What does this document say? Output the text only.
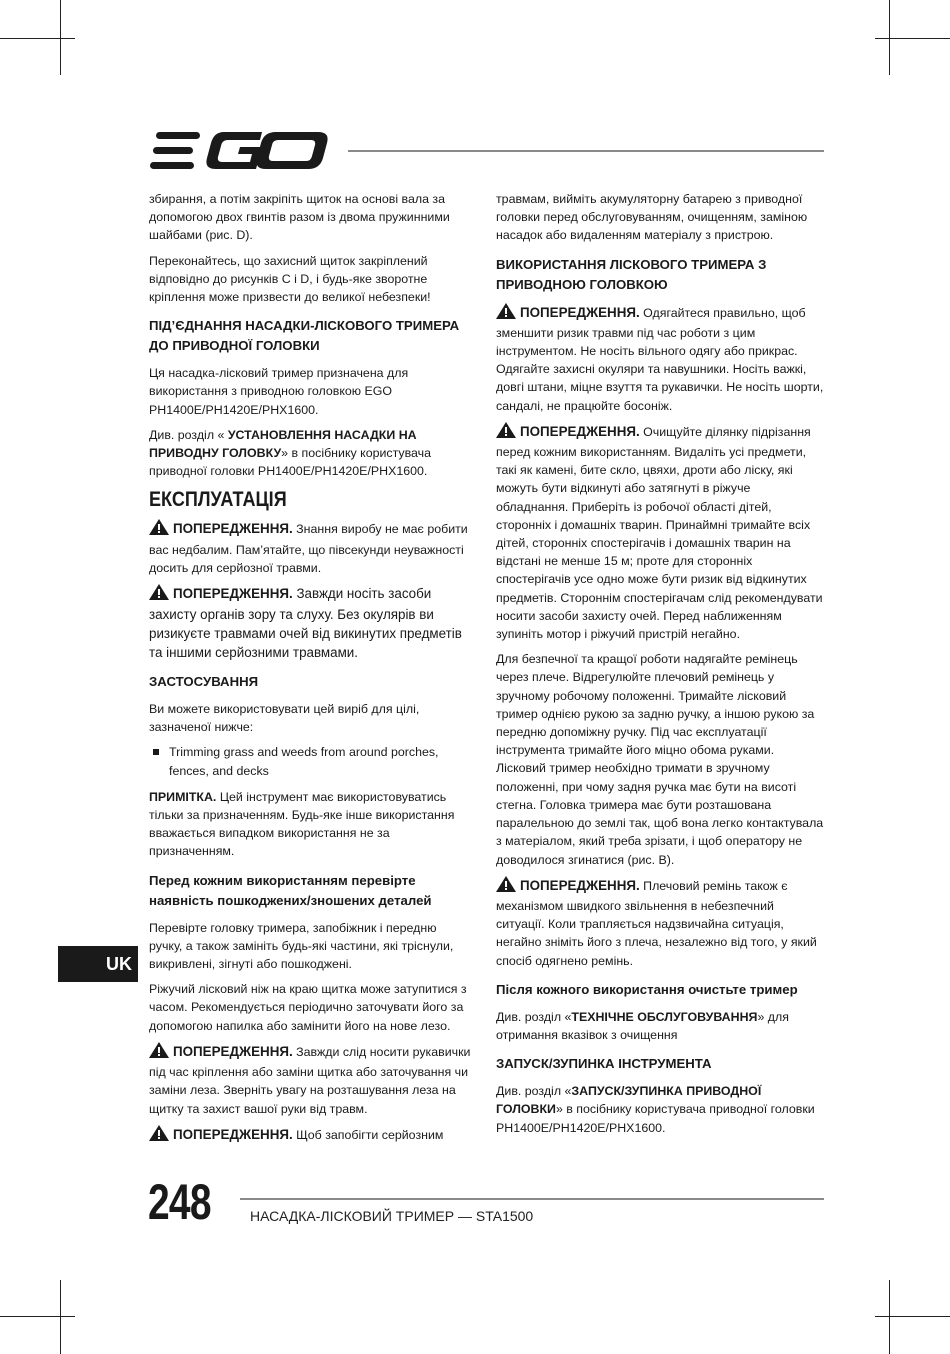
збирання, а потім закріпіть щиток на основі вала за допомогою двох гвинтів разом із двома пружинними шайбами (рис. D).

Переконайтесь, що захисний щиток закріплений відповідно до рисунків C і D, і будь-яке зворотне кріплення може призвести до великої небезпеки!

ПІД’ЄДНАННЯ НАСАДКИ-ЛІСКОВОГО ТРИМЕРА ДО ПРИВОДНОЇ ГОЛОВКИ

Ця насадка-лісковий тример призначена для використання з приводною головкою EGO PH1400E/PH1420E/PHX1600.

Див. розділ « УСТАНОВЛЕННЯ НАСАДКИ НА ПРИВОДНУ ГОЛОВКУ» в посібнику користувача приводної головки PH1400E/PH1420E/PHX1600.

ЕКСПЛУАТАЦІЯ

ПОПЕРЕДЖЕННЯ. Знання виробу не має робити вас недбалим. Пам’ятайте, що півсекунди неуважності досить для серйозної травми.

ПОПЕРЕДЖЕННЯ. Завжди носіть засоби захисту органів зору та слуху. Без окулярів ви ризикуєте травмами очей від викинутих предметів та іншими серйозними травмами.

ЗАСТОСУВАННЯ

Ви можете використовувати цей виріб для цілі, зазначеної нижче:

Trimming grass and weeds from around porches, fences, and decks

ПРИМІТКА. Цей інструмент має використовуватись тільки за призначенням. Будь-яке інше використання вважається випадком використання не за призначенням.

Перед кожним використанням перевірте наявність пошкоджених/зношених деталей

Перевірте головку тримера, запобіжник і передню ручку, а також замініть будь-які частини, які тріснули, викривлені, зігнуті або пошкоджені.

Ріжучий лісковий ніж на краю щитка може затупитися з часом. Рекомендується періодично заточувати його за допомогою напилка або замінити його на нове лезо.

ПОПЕРЕДЖЕННЯ. Завжди слід носити рукавички під час кріплення або заміни щитка або заточування чи заміни леза. Зверніть увагу на розташування леза на щитку та захист вашої руки від травм.

ПОПЕРЕДЖЕННЯ. Щоб запобігти серйозним

травмам, вийміть акумуляторну батарею з приводної головки перед обслуговуванням, очищенням, заміною насадок або видаленням матеріалу з пристрою.

ВИКОРИСТАННЯ ЛІСКОВОГО ТРИМЕРА З ПРИВОДНОЮ ГОЛОВКОЮ

ПОПЕРЕДЖЕННЯ. Одягайтеся правильно, щоб зменшити ризик травми під час роботи з цим інструментом. Не носіть вільного одягу або прикрас. Одягайте захисні окуляри та навушники. Носіть важкі, довгі штани, міцне взуття та рукавички. Не носіть шорти, сандалі, не працюйте босоніж.

ПОПЕРЕДЖЕННЯ. Очищуйте ділянку підрізання перед кожним використанням. Видаліть усі предмети, такі як камені, бите скло, цвяхи, дроти або ліску, які можуть бути відкинуті або затягнуті в ріжуче обладнання. Приберіть із робочої області дітей, сторонніх і домашніх тварин. Принаймні тримайте всіх дітей, сторонніх спостерігачів і домашніх тварин на відстані не менше 15 м; проте для сторонніх спостерігачів усе одно може бути ризик від відкинутих предметів. Стороннім спостерігачам слід рекомендувати носити засоби захисту очей. Перед наближенням зупиніть мотор і ріжучий пристрій негайно.

Для безпечної та кращої роботи надягайте ремінець через плече. Відрегулюйте плечовий ремінець у зручному робочому положенні. Тримайте лісковий тример однією рукою за задню ручку, а іншою рукою за передню допоміжну ручку. Під час експлуатації інструмента тримайте його міцно обома руками. Лісковий тример необхідно тримати в зручному положенні, при чому задня ручка має бути на висоті стегна. Головка тримера має бути розташована паралельною до землі так, щоб вона легко контактувала з матеріалом, який треба зрізати, і щоб оператору не доводилося згинатися (рис. B).

ПОПЕРЕДЖЕННЯ. Плечовий ремінь також є механізмом швидкого звільнення в небезпечний ситуації. Коли трапляється надзвичайна ситуація, негайно зніміть його з плеча, незалежно від того, у який спосіб одягнено ремінь.

Після кожного використання очистьте тример

Див. розділ «ТЕХНІЧНЕ ОБСЛУГОВУВАННЯ» для отримання вказівок з очищення

ЗАПУСК/ЗУПИНКА ІНСТРУМЕНТА

Див. розділ «ЗАПУСК/ЗУПИНКА ПРИВОДНОЇ ГОЛОВКИ» в посібнику користувача приводної головки PH1400E/PH1420E/PHX1600.

UK
248	НАСАДКА-ЛІСКОВИЙ ТРИМЕР — STA1500
